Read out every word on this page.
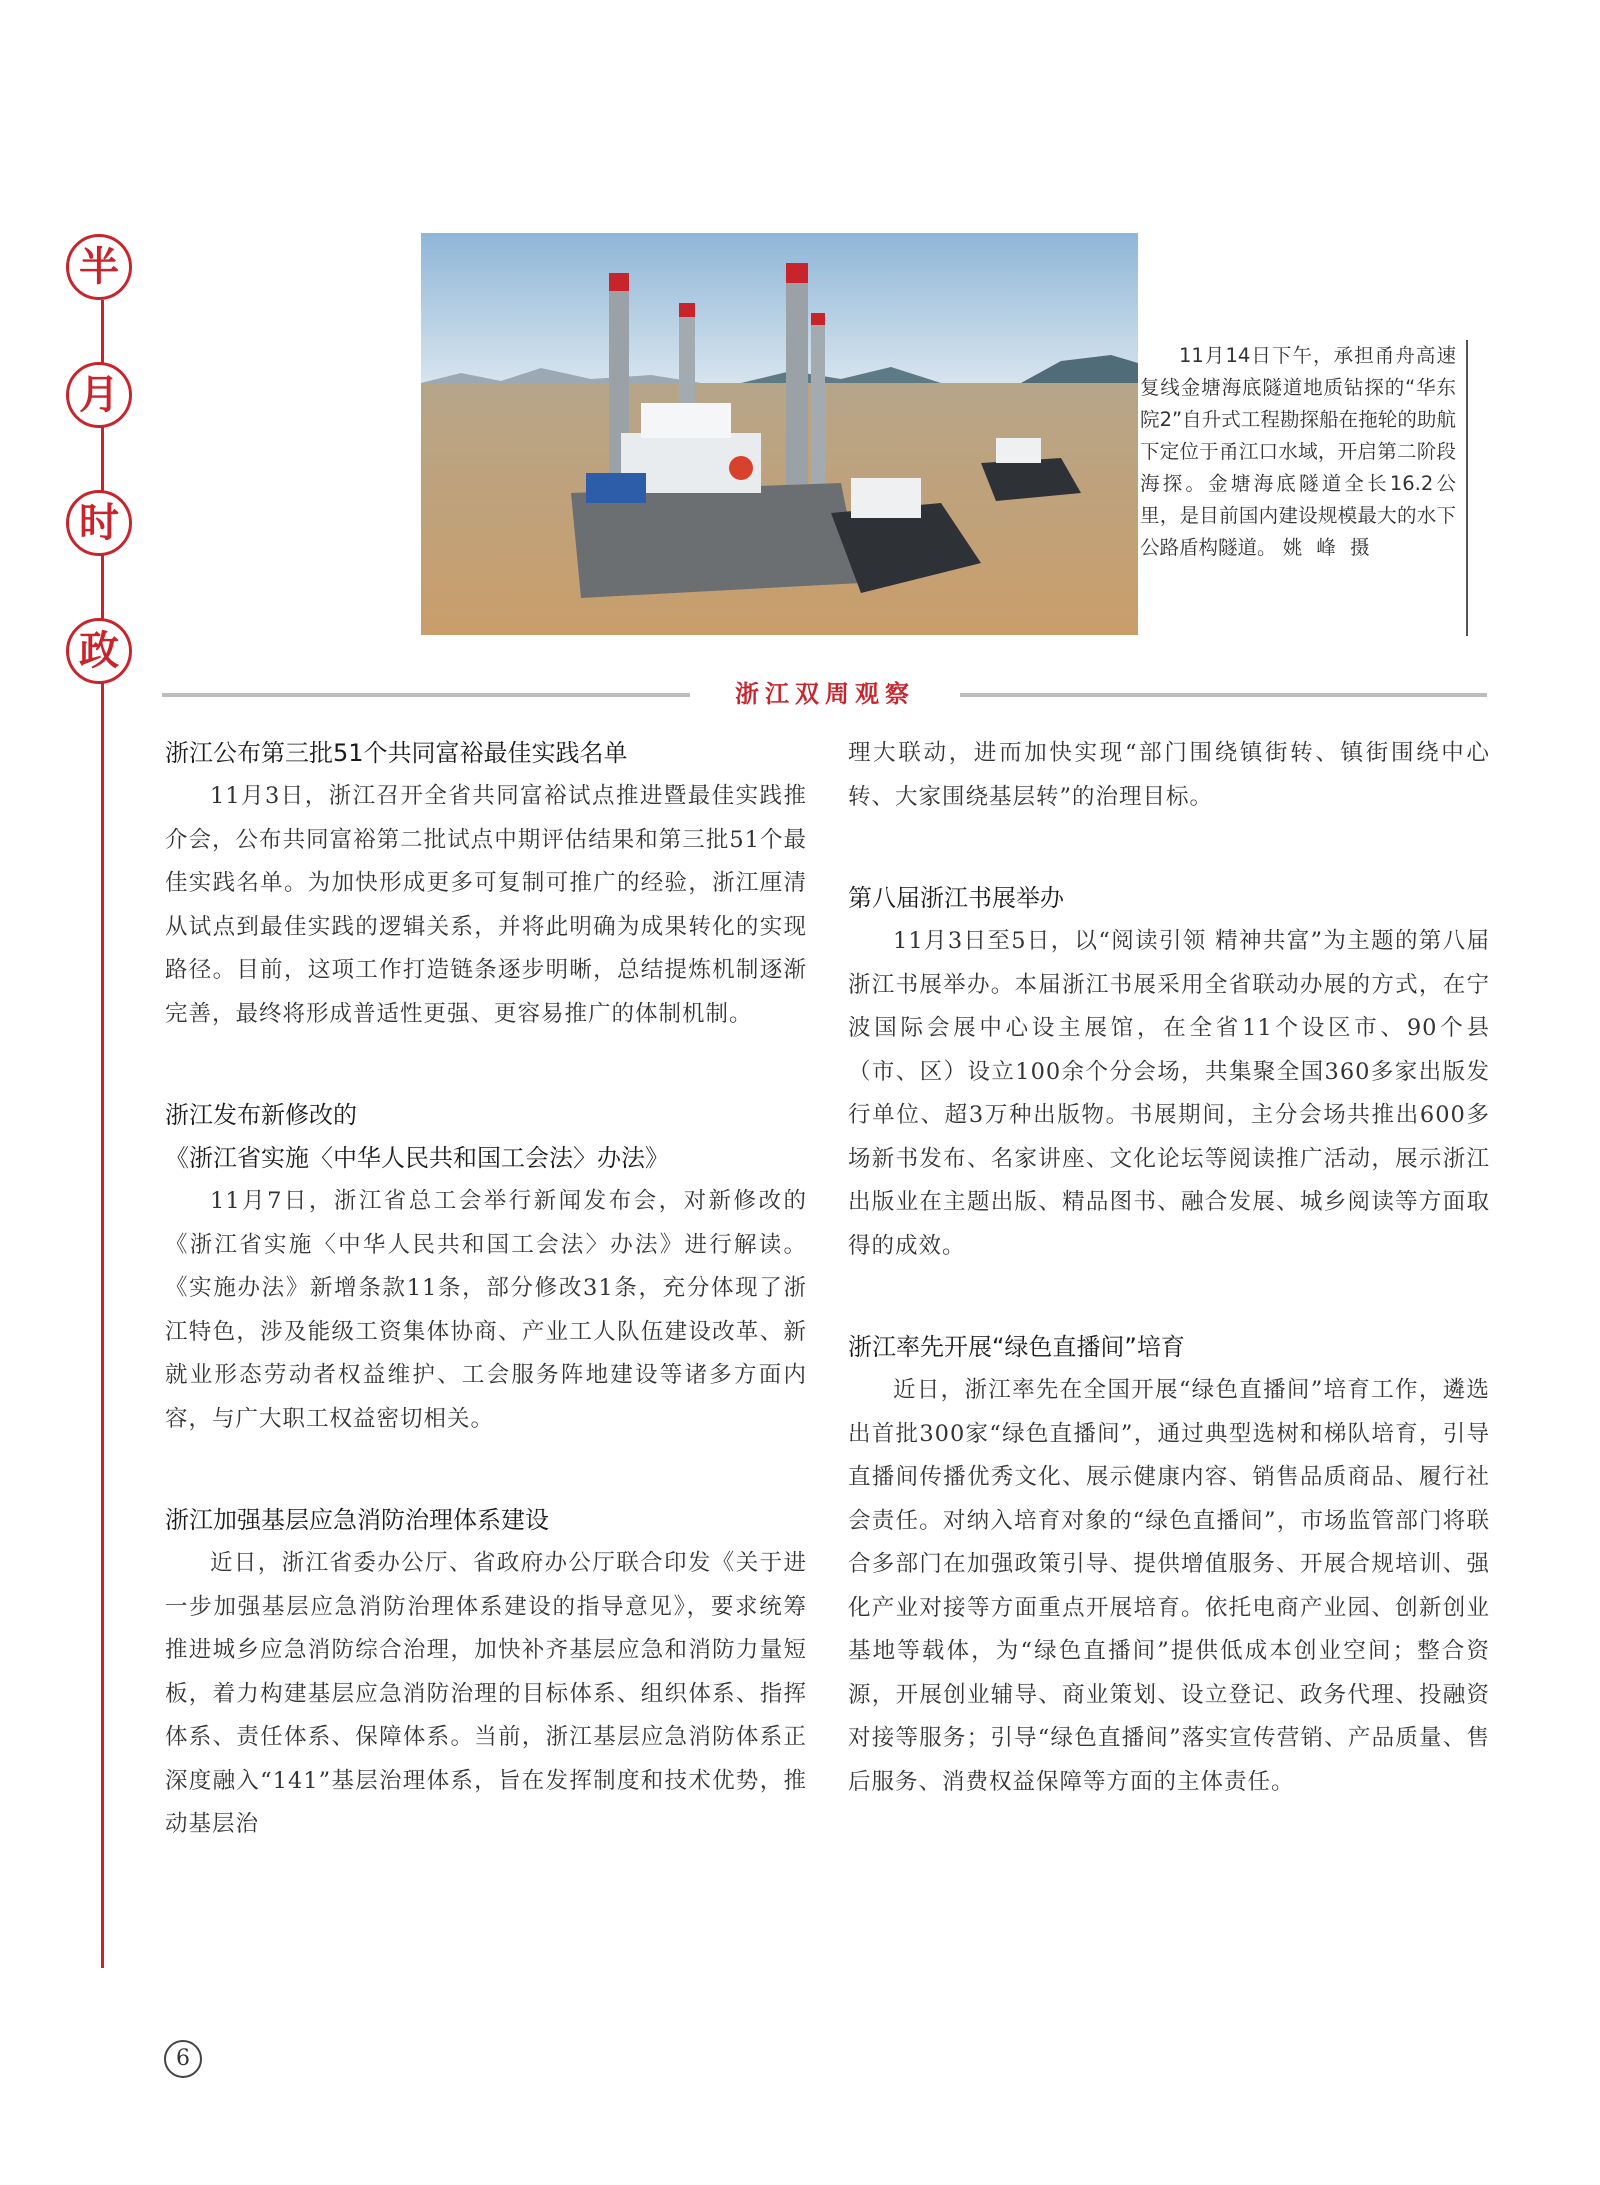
半
月
时
政
11月14日下午，承担甬舟高速复线金塘海底隧道地质钻探的“华东院2”自升式工程勘探船在拖轮的助航下定位于甬江口水域，开启第二阶段海探。金塘海底隧道全长16.2公里，是目前国内建设规模最大的水下公路盾构隧道。 姚 峰 摄
浙江双周观察
浙江公布第三批51个共同富裕最佳实践名单

11月3日，浙江召开全省共同富裕试点推进暨最佳实践推介会，公布共同富裕第二批试点中期评估结果和第三批51个最佳实践名单。为加快形成更多可复制可推广的经验，浙江厘清从试点到最佳实践的逻辑关系，并将此明确为成果转化的实现路径。目前，这项工作打造链条逐步明晰，总结提炼机制逐渐完善，最终将形成普适性更强、更容易推广的体制机制。

浙江发布新修改的
《浙江省实施〈中华人民共和国工会法〉办法》

11月7日，浙江省总工会举行新闻发布会，对新修改的《浙江省实施〈中华人民共和国工会法〉办法》进行解读。《实施办法》新增条款11条，部分修改31条，充分体现了浙江特色，涉及能级工资集体协商、产业工人队伍建设改革、新就业形态劳动者权益维护、工会服务阵地建设等诸多方面内容，与广大职工权益密切相关。

浙江加强基层应急消防治理体系建设

近日，浙江省委办公厅、省政府办公厅联合印发《关于进一步加强基层应急消防治理体系建设的指导意见》，要求统筹推进城乡应急消防综合治理，加快补齐基层应急和消防力量短板，着力构建基层应急消防治理的目标体系、组织体系、指挥体系、责任体系、保障体系。当前，浙江基层应急消防体系正深度融入“141”基层治理体系，旨在发挥制度和技术优势，推动基层治

理大联动，进而加快实现“部门围绕镇街转、镇街围绕中心转、大家围绕基层转”的治理目标。

第八届浙江书展举办

11月3日至5日，以“阅读引领 精神共富”为主题的第八届浙江书展举办。本届浙江书展采用全省联动办展的方式，在宁波国际会展中心设主展馆，在全省11个设区市、90个县（市、区）设立100余个分会场，共集聚全国360多家出版发行单位、超3万种出版物。书展期间，主分会场共推出600多场新书发布、名家讲座、文化论坛等阅读推广活动，展示浙江出版业在主题出版、精品图书、融合发展、城乡阅读等方面取得的成效。

浙江率先开展“绿色直播间”培育

近日，浙江率先在全国开展“绿色直播间”培育工作，遴选出首批300家“绿色直播间”，通过典型选树和梯队培育，引导直播间传播优秀文化、展示健康内容、销售品质商品、履行社会责任。对纳入培育对象的“绿色直播间”，市场监管部门将联合多部门在加强政策引导、提供增值服务、开展合规培训、强化产业对接等方面重点开展培育。依托电商产业园、创新创业基地等载体，为“绿色直播间”提供低成本创业空间；整合资源，开展创业辅导、商业策划、设立登记、政务代理、投融资对接等服务；引导“绿色直播间”落实宣传营销、产品质量、售后服务、消费权益保障等方面的主体责任。

6
